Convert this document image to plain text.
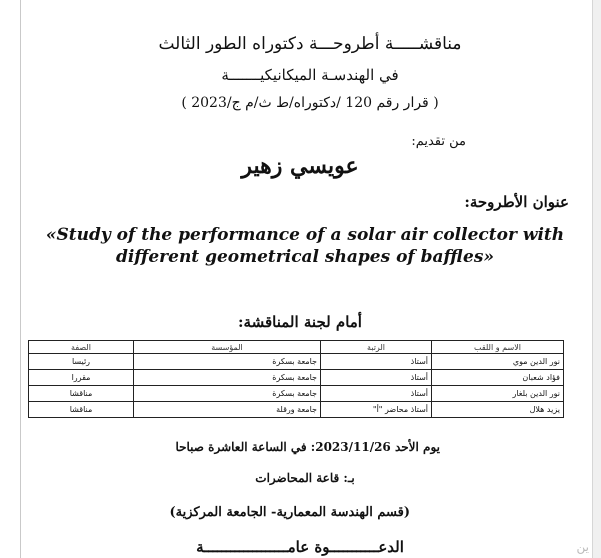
مناقشـــــة أطروحـــة دكتوراه الطور الثالث
في الهندسـة الميكانيكيـــــــة
( قرار رقم 120 /دكتوراه/ط ث/م ج/2023 )
من تقديم:
عويسي زهير
عنوان الأطروحة:
«Study of the performance of a solar air collector with different geometrical shapes of baffles»
أمام لجنة المناقشة:
الاسم و اللقب	الرتبة	المؤسسة	الصفة
نور الدين موي	أستاذ	جامعة بسكرة	رئيسا
فؤاد شعبان	أستاذ	جامعة بسكرة	مقررا
نور الدين بلغار	أستاذ	جامعة بسكرة	مناقشا
يزيد هلال	أستاذ محاضر "أ"	جامعة ورقلة	مناقشا
يوم الأحد 2023/11/26: في الساعة العاشرة صباحا
بـ: قاعة المحاضرات
(قسم الهندسة المعمارية- الجامعة المركزية)
الدعـــــــــــوة عامـــــــــــــــــــة	ين
